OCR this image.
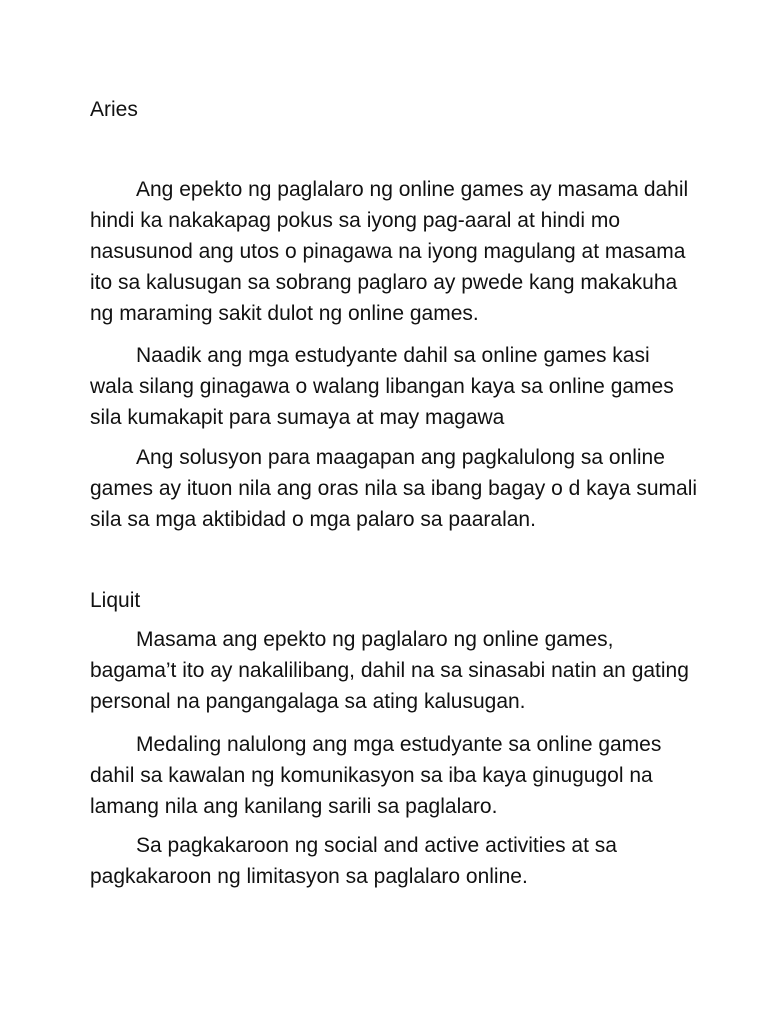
Aries

Ang epekto ng paglalaro ng online games ay masama dahil
hindi ka nakakapag pokus sa iyong pag-aaral at hindi mo
nasusunod ang utos o pinagawa na iyong magulang at masama
ito sa kalusugan sa sobrang paglaro ay pwede kang makakuha
ng maraming sakit dulot ng online games.

Naadik ang mga estudyante dahil sa online games kasi
wala silang ginagawa o walang libangan kaya sa online games
sila kumakapit para sumaya at may magawa

Ang solusyon para maagapan ang pagkalulong sa online
games ay ituon nila ang oras nila sa ibang bagay o d kaya sumali
sila sa mga aktibidad o mga palaro sa paaralan.

Liquit

Masama ang epekto ng paglalaro ng online games,
bagama’t ito ay nakalilibang, dahil na sa sinasabi natin an gating
personal na pangangalaga sa ating kalusugan.

Medaling nalulong ang mga estudyante sa online games
dahil sa kawalan ng komunikasyon sa iba kaya ginugugol na
lamang nila ang kanilang sarili sa paglalaro.

Sa pagkakaroon ng social and active activities at sa
pagkakaroon ng limitasyon sa paglalaro online.
